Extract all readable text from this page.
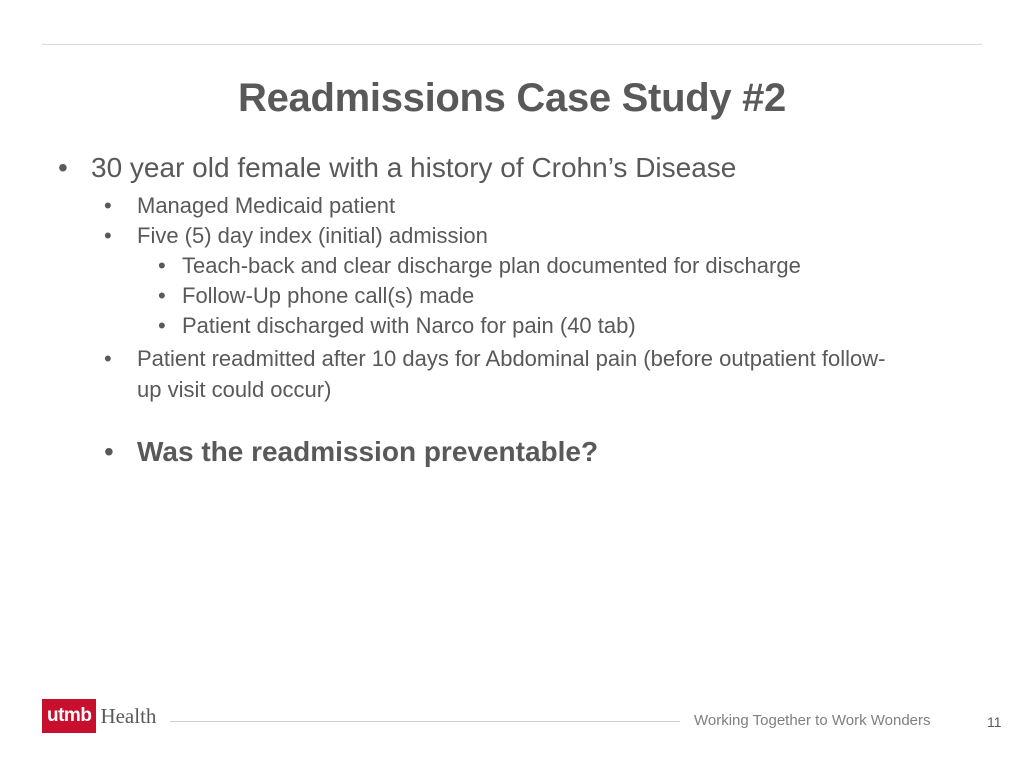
Readmissions Case Study #2
• 30 year old female with a history of Crohn’s Disease
•	Managed Medicaid patient
•	Five (5) day index (initial) admission
• Teach-back and clear discharge plan documented for discharge
• Follow-Up phone call(s) made
• Patient discharged with Narco for pain (40 tab)
•	Patient readmitted after 10 days for Abdominal pain (before outpatient follow-up visit could occur)
• Was the readmission preventable?
utmb Health	Working Together to Work Wonders	11
